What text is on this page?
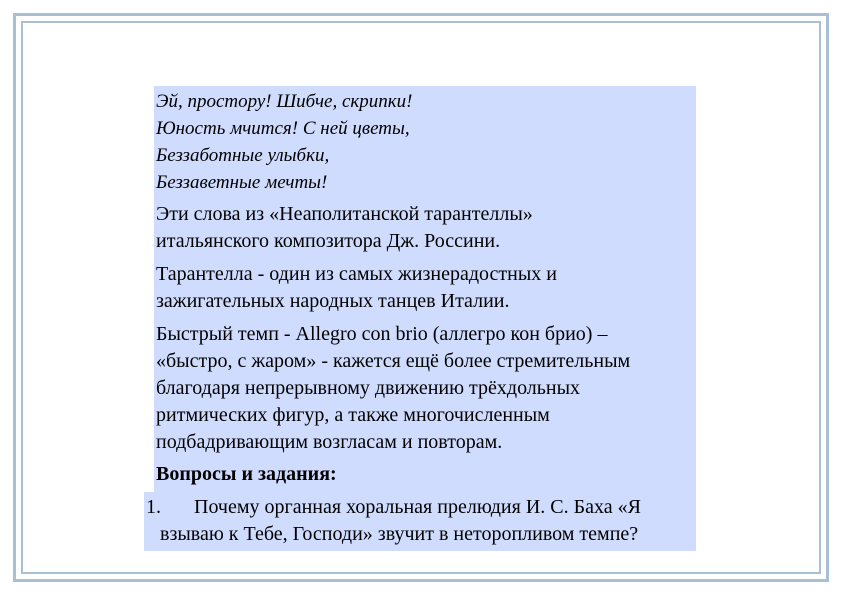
Эй, простору! Шибче, скрипки!

Юность мчится! С ней цветы,

Беззаботные улыбки,

Беззаветные мечты!

Эти слова из «Неаполитанской тарантеллы»

итальянского композитора Дж. Россини.

Тарантелла - один из самых жизнерадостных и

зажигательных народных танцев Италии.

Быстрый темп - Allegro con brio (аллегро кон брио) –

«быстро, с жаром» - кажется ещё более стремительным

благодаря непрерывному движению трёхдольных

ритмических фигур, а также многочисленным

подбадривающим возгласам и повторам.

Вопросы и задания:
1.	Почему органная хоральная прелюдия И. С. Баха «Я
взываю к Тебе, Господи» звучит в неторопливом темпе?
